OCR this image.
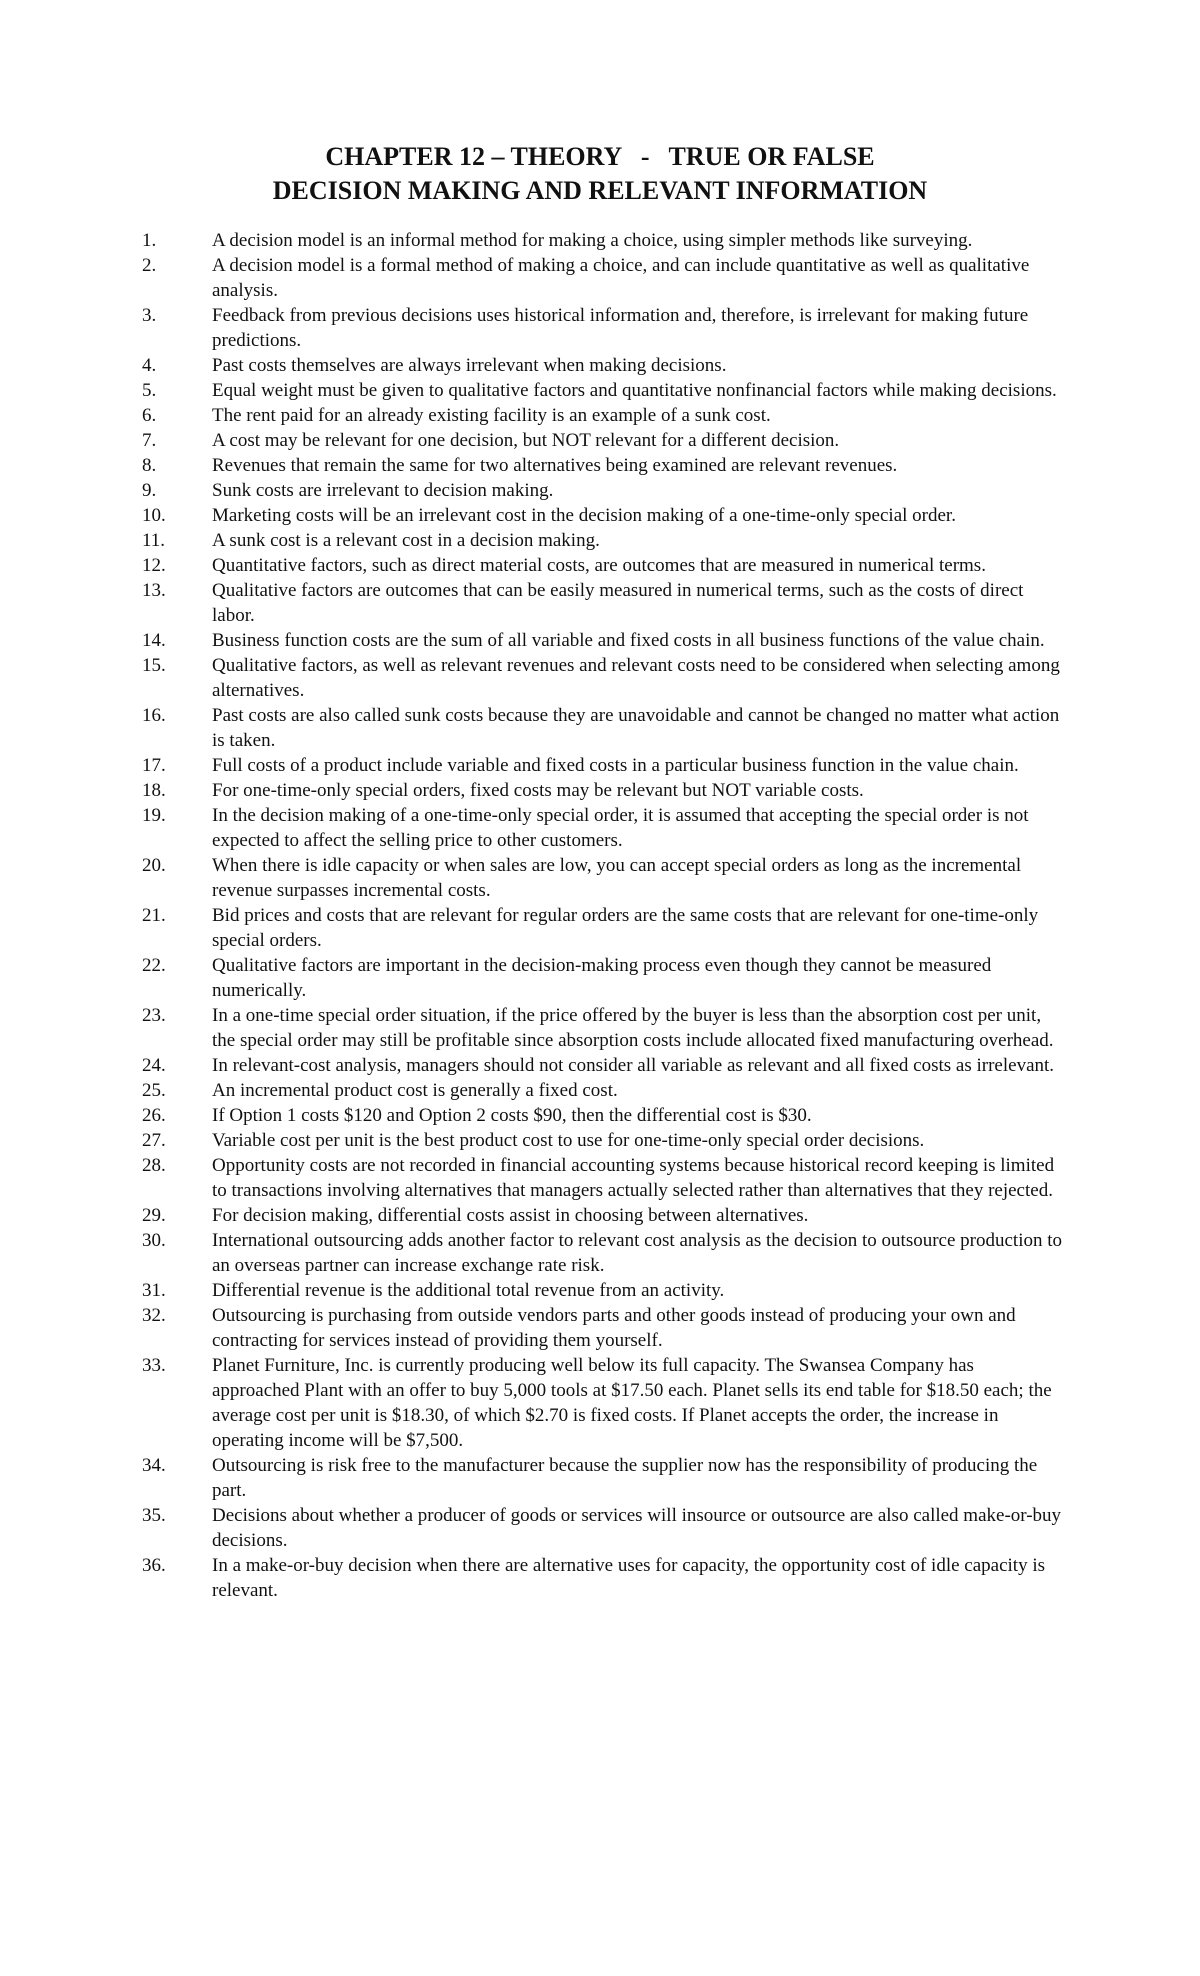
CHAPTER 12 – THEORY   -   TRUE OR FALSE

DECISION MAKING AND RELEVANT INFORMATION

1.	A decision model is an informal method for making a choice, using simpler methods like surveying.
2.	A decision model is a formal method of making a choice, and can include quantitative as well as qualitative analysis.
3.	Feedback from previous decisions uses historical information and, therefore, is irrelevant for making future predictions.
4.	Past costs themselves are always irrelevant when making decisions.
5.	Equal weight must be given to qualitative factors and quantitative nonfinancial factors while making decisions.
6.	The rent paid for an already existing facility is an example of a sunk cost.
7.	A cost may be relevant for one decision, but NOT relevant for a different decision.
8.	Revenues that remain the same for two alternatives being examined are relevant revenues.
9.	Sunk costs are irrelevant to decision making.
10.	Marketing costs will be an irrelevant cost in the decision making of a one-time-only special order.
11.	A sunk cost is a relevant cost in a decision making.
12.	Quantitative factors, such as direct material costs, are outcomes that are measured in numerical terms.
13.	Qualitative factors are outcomes that can be easily measured in numerical terms, such as the costs of direct labor.
14.	Business function costs are the sum of all variable and fixed costs in all business functions of the value chain.
15.	Qualitative factors, as well as relevant revenues and relevant costs need to be considered when selecting among alternatives.
16.	Past costs are also called sunk costs because they are unavoidable and cannot be changed no matter what action is taken.
17.	Full costs of a product include variable and fixed costs in a particular business function in the value chain.
18.	For one-time-only special orders, fixed costs may be relevant but NOT variable costs.
19.	In the decision making of a one-time-only special order, it is assumed that accepting the special order is not expected to affect the selling price to other customers.
20.	When there is idle capacity or when sales are low, you can accept special orders as long as the incremental revenue surpasses incremental costs.
21.	Bid prices and costs that are relevant for regular orders are the same costs that are relevant for one-time-only special orders.
22.	Qualitative factors are important in the decision-making process even though they cannot be measured numerically.
23.	In a one-time special order situation, if the price offered by the buyer is less than the absorption cost per unit, the special order may still be profitable since absorption costs include allocated fixed manufacturing overhead.
24.	In relevant-cost analysis, managers should not consider all variable as relevant and all fixed costs as irrelevant.
25.	An incremental product cost is generally a fixed cost.
26.	If Option 1 costs $120 and Option 2 costs $90, then the differential cost is $30.
27.	Variable cost per unit is the best product cost to use for one-time-only special order decisions.
28.	Opportunity costs are not recorded in financial accounting systems because historical record keeping is limited to transactions involving alternatives that managers actually selected rather than alternatives that they rejected.
29.	For decision making, differential costs assist in choosing between alternatives.
30.	International outsourcing adds another factor to relevant cost analysis as the decision to outsource production to an overseas partner can increase exchange rate risk.
31.	Differential revenue is the additional total revenue from an activity.
32.	Outsourcing is purchasing from outside vendors parts and other goods instead of producing your own and contracting for services instead of providing them yourself.
33.	Planet Furniture, Inc. is currently producing well below its full capacity. The Swansea Company has approached Plant with an offer to buy 5,000 tools at $17.50 each. Planet sells its end table for $18.50 each; the average cost per unit is $18.30, of which $2.70 is fixed costs. If Planet accepts the order, the increase in operating income will be $7,500.
34.	Outsourcing is risk free to the manufacturer because the supplier now has the responsibility of producing the part.
35.	Decisions about whether a producer of goods or services will insource or outsource are also called make-or-buy decisions.
36.	In a make-or-buy decision when there are alternative uses for capacity, the opportunity cost of idle capacity is relevant.
